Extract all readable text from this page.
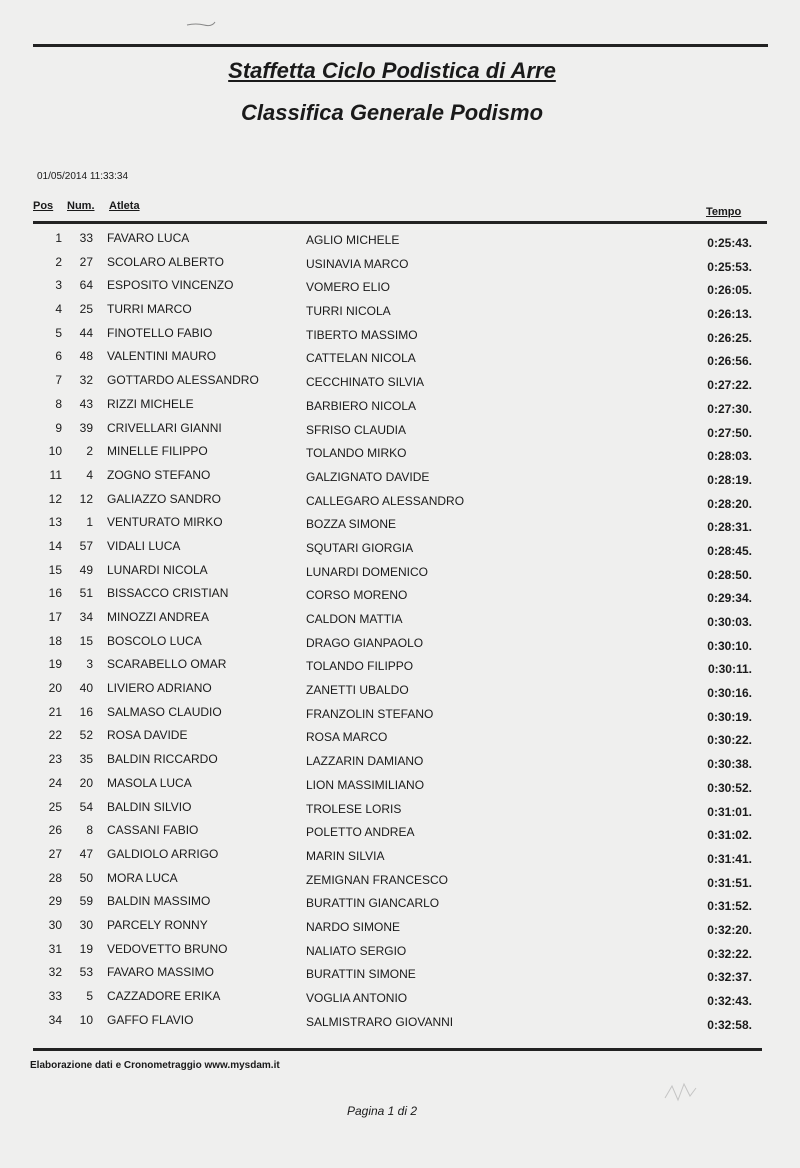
Staffetta Ciclo Podistica di Arre
Classifica Generale Podismo
01/05/2014 11:33:34
Pos Num. Atleta	Tempo
1 33 FAVARO LUCA	AGLIO MICHELE	0:25:43.
2 27 SCOLARO ALBERTO	USINAVIA MARCO	0:25:53.
3 64 ESPOSITO VINCENZO	VOMERO ELIO	0:26:05.
4 25 TURRI MARCO	TURRI NICOLA	0:26:13.
5 44 FINOTELLO FABIO	TIBERTO MASSIMO	0:26:25.
6 48 VALENTINI MAURO	CATTELAN NICOLA	0:26:56.
7 32 GOTTARDO ALESSANDRO	CECCHINATO SILVIA	0:27:22.
8 43 RIZZI MICHELE	BARBIERO NICOLA	0:27:30.
9 39 CRIVELLARI GIANNI	SFRISO CLAUDIA	0:27:50.
10 2 MINELLE FILIPPO	TOLANDO MIRKO	0:28:03.
11 4 ZOGNO STEFANO	GALZIGNATO DAVIDE	0:28:19.
12 12 GALIAZZO SANDRO	CALLEGARO ALESSANDRO	0:28:20.
13 1 VENTURATO MIRKO	BOZZA SIMONE	0:28:31.
14 57 VIDALI LUCA	SQUTARI GIORGIA	0:28:45.
15 49 LUNARDI NICOLA	LUNARDI DOMENICO	0:28:50.
16 51 BISSACCO CRISTIAN	CORSO MORENO	0:29:34.
17 34 MINOZZI ANDREA	CALDON MATTIA	0:30:03.
18 15 BOSCOLO LUCA	DRAGO GIANPAOLO	0:30:10.
19 3 SCARABELLO OMAR	TOLANDO FILIPPO	0:30:11.
20 40 LIVIERO ADRIANO	ZANETTI UBALDO	0:30:16.
21 16 SALMASO CLAUDIO	FRANZOLIN STEFANO	0:30:19.
22 52 ROSA DAVIDE	ROSA MARCO	0:30:22.
23 35 BALDIN RICCARDO	LAZZARIN DAMIANO	0:30:38.
24 20 MASOLA LUCA	LION MASSIMILIANO	0:30:52.
25 54 BALDIN SILVIO	TROLESE LORIS	0:31:01.
26 8 CASSANI FABIO	POLETTO ANDREA	0:31:02.
27 47 GALDIOLO ARRIGO	MARIN SILVIA	0:31:41.
28 50 MORA LUCA	ZEMIGNAN FRANCESCO	0:31:51.
29 59 BALDIN MASSIMO	BURATTIN GIANCARLO	0:31:52.
30 30 PARCELY RONNY	NARDO SIMONE	0:32:20.
31 19 VEDOVETTO BRUNO	NALIATO SERGIO	0:32:22.
32 53 FAVARO MASSIMO	BURATTIN SIMONE	0:32:37.
33 5 CAZZADORE ERIKA	VOGLIA ANTONIO	0:32:43.
34 10 GAFFO FLAVIO	SALMISTRARO GIOVANNI	0:32:58.
Elaborazione dati e Cronometraggio www.mysdam.it
Pagina 1 di 2
